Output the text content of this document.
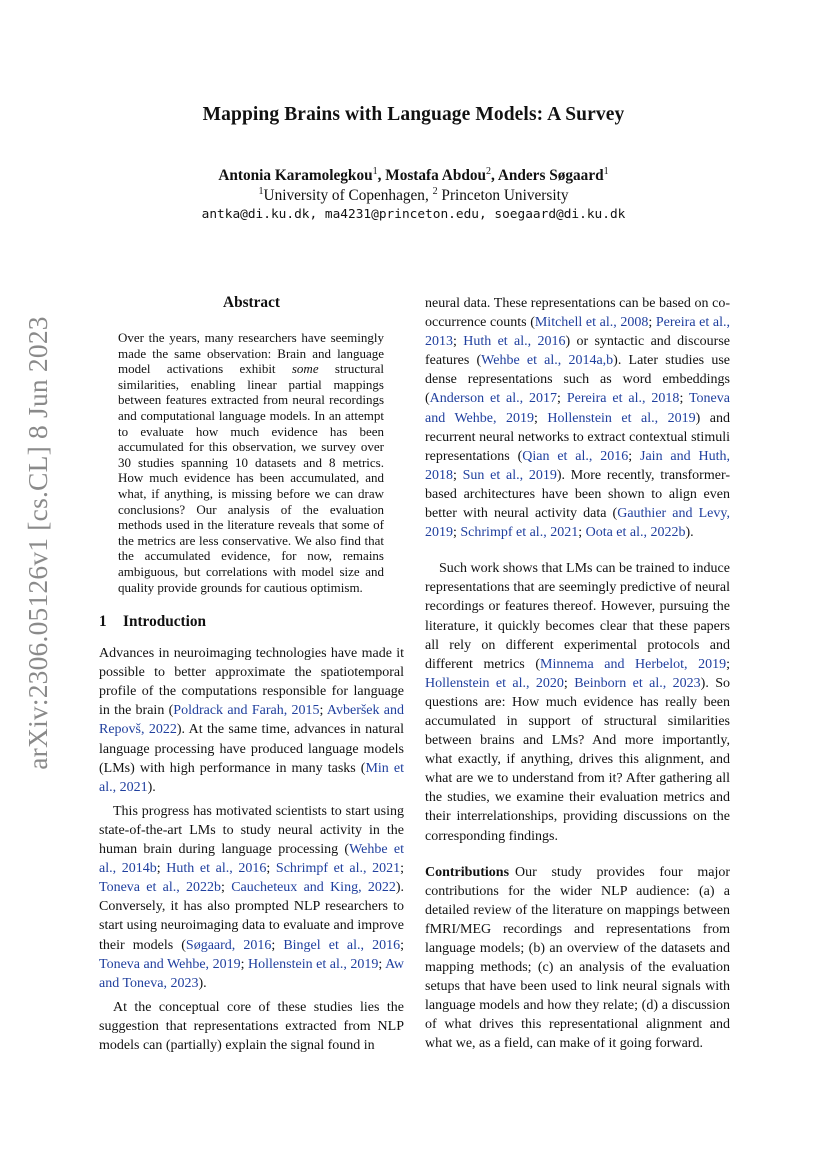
arXiv:2306.05126v1 [cs.CL] 8 Jun 2023
Mapping Brains with Language Models: A Survey
Antonia Karamolegkou$^1$, Mostafa Abdou$^2$, Anders Søgaard$^1$
$^1$University of Copenhagen, $^2$ Princeton University
antka@di.ku.dk, ma4231@princeton.edu, soegaard@di.ku.dk
Abstract

Over the years, many researchers have seemingly made the same observation: Brain and language model activations exhibit some structural similarities, enabling linear partial mappings between features extracted from neural recordings and computational language models. In an attempt to evaluate how much evidence has been accumulated for this observation, we survey over 30 studies spanning 10 datasets and 8 metrics. How much evidence has been accumulated, and what, if anything, is missing before we can draw conclusions? Our analysis of the evaluation methods used in the literature reveals that some of the metrics are less conservative. We also find that the accumulated evidence, for now, remains ambiguous, but correlations with model size and quality provide grounds for cautious optimism.

1 Introduction

Advances in neuroimaging technologies have made it possible to better approximate the spatiotemporal profile of the computations responsible for language in the brain (Poldrack and Farah, 2015; Avberšek and Repovš, 2022). At the same time, advances in natural language processing have produced language models (LMs) with high performance in many tasks (Min et al., 2021).

This progress has motivated scientists to start using state-of-the-art LMs to study neural activity in the human brain during language processing (Wehbe et al., 2014b; Huth et al., 2016; Schrimpf et al., 2021; Toneva et al., 2022b; Caucheteux and King, 2022). Conversely, it has also prompted NLP researchers to start using neuroimaging data to evaluate and improve their models (Søgaard, 2016; Bingel et al., 2016; Toneva and Wehbe, 2019; Hollenstein et al., 2019; Aw and Toneva, 2023).

At the conceptual core of these studies lies the suggestion that representations extracted from NLP models can (partially) explain the signal found in

neural data. These representations can be based on co-occurrence counts (Mitchell et al., 2008; Pereira et al., 2013; Huth et al., 2016) or syntactic and discourse features (Wehbe et al., 2014a,b). Later studies use dense representations such as word embeddings (Anderson et al., 2017; Pereira et al., 2018; Toneva and Wehbe, 2019; Hollenstein et al., 2019) and recurrent neural networks to extract contextual stimuli representations (Qian et al., 2016; Jain and Huth, 2018; Sun et al., 2019). More recently, transformer-based architectures have been shown to align even better with neural activity data (Gauthier and Levy, 2019; Schrimpf et al., 2021; Oota et al., 2022b).

Such work shows that LMs can be trained to induce representations that are seemingly predictive of neural recordings or features thereof. However, pursuing the literature, it quickly becomes clear that these papers all rely on different experimental protocols and different metrics (Minnema and Herbelot, 2019; Hollenstein et al., 2020; Beinborn et al., 2023). So questions are: How much evidence has really been accumulated in support of structural similarities between brains and LMs? And more importantly, what exactly, if anything, drives this alignment, and what are we to understand from it? After gathering all the studies, we examine their evaluation metrics and their interrelationships, providing discussions on the corresponding findings.

Contributions Our study provides four major contributions for the wider NLP audience: (a) a detailed review of the literature on mappings between fMRI/MEG recordings and representations from language models; (b) an overview of the datasets and mapping methods; (c) an analysis of the evaluation setups that have been used to link neural signals with language models and how they relate; (d) a discussion of what drives this representational alignment and what we, as a field, can make of it going forward.
